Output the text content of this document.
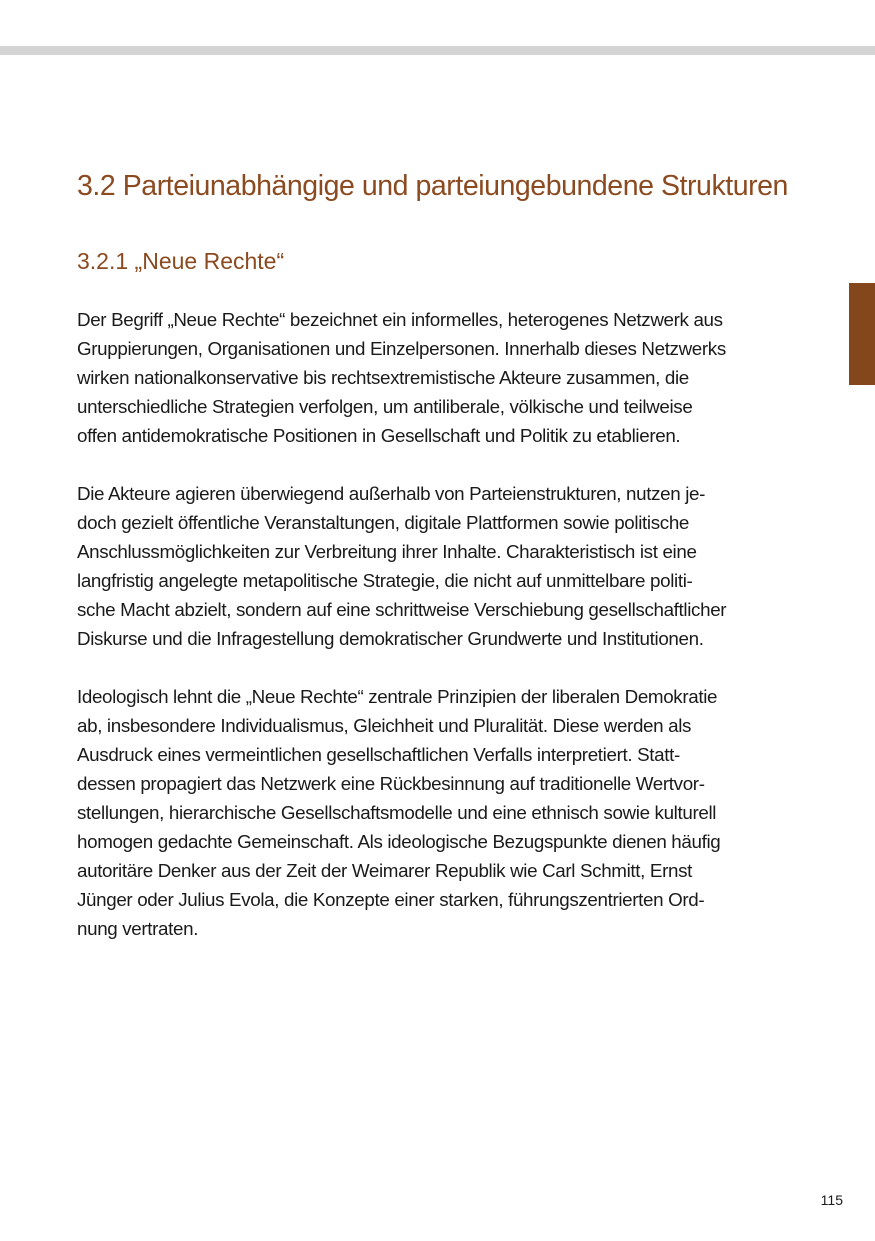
3.2 Parteiunabhängige und parteiungebundene Strukturen
3.2.1 „Neue Rechte“

Der Begriff „Neue Rechte“ bezeichnet ein informelles, heterogenes Netzwerk aus
Gruppierungen, Organisationen und Einzelpersonen. Innerhalb dieses Netzwerks
wirken nationalkonservative bis rechtsextremistische Akteure zusammen, die
unterschiedliche Strategien verfolgen, um antiliberale, völkische und teilweise
offen antidemokratische Positionen in Gesellschaft und Politik zu etablieren.

Die Akteure agieren überwiegend außerhalb von Parteienstrukturen, nutzen je-
doch gezielt öffentliche Veranstaltungen, digitale Plattformen sowie politische
Anschlussmöglichkeiten zur Verbreitung ihrer Inhalte. Charakteristisch ist eine
langfristig angelegte metapolitische Strategie, die nicht auf unmittelbare politi-
sche Macht abzielt, sondern auf eine schrittweise Verschiebung gesellschaftlicher
Diskurse und die Infragestellung demokratischer Grundwerte und Institutionen.

Ideologisch lehnt die „Neue Rechte“ zentrale Prinzipien der liberalen Demokratie
ab, insbesondere Individualismus, Gleichheit und Pluralität. Diese werden als
Ausdruck eines vermeintlichen gesellschaftlichen Verfalls interpretiert. Statt-
dessen propagiert das Netzwerk eine Rückbesinnung auf traditionelle Wertvor-
stellungen, hierarchische Gesellschaftsmodelle und eine ethnisch sowie kulturell
homogen gedachte Gemeinschaft. Als ideologische Bezugspunkte dienen häufig
autoritäre Denker aus der Zeit der Weimarer Republik wie Carl Schmitt, Ernst
Jünger oder Julius Evola, die Konzepte einer starken, führungszentrierten Ord-
nung vertraten.

115
